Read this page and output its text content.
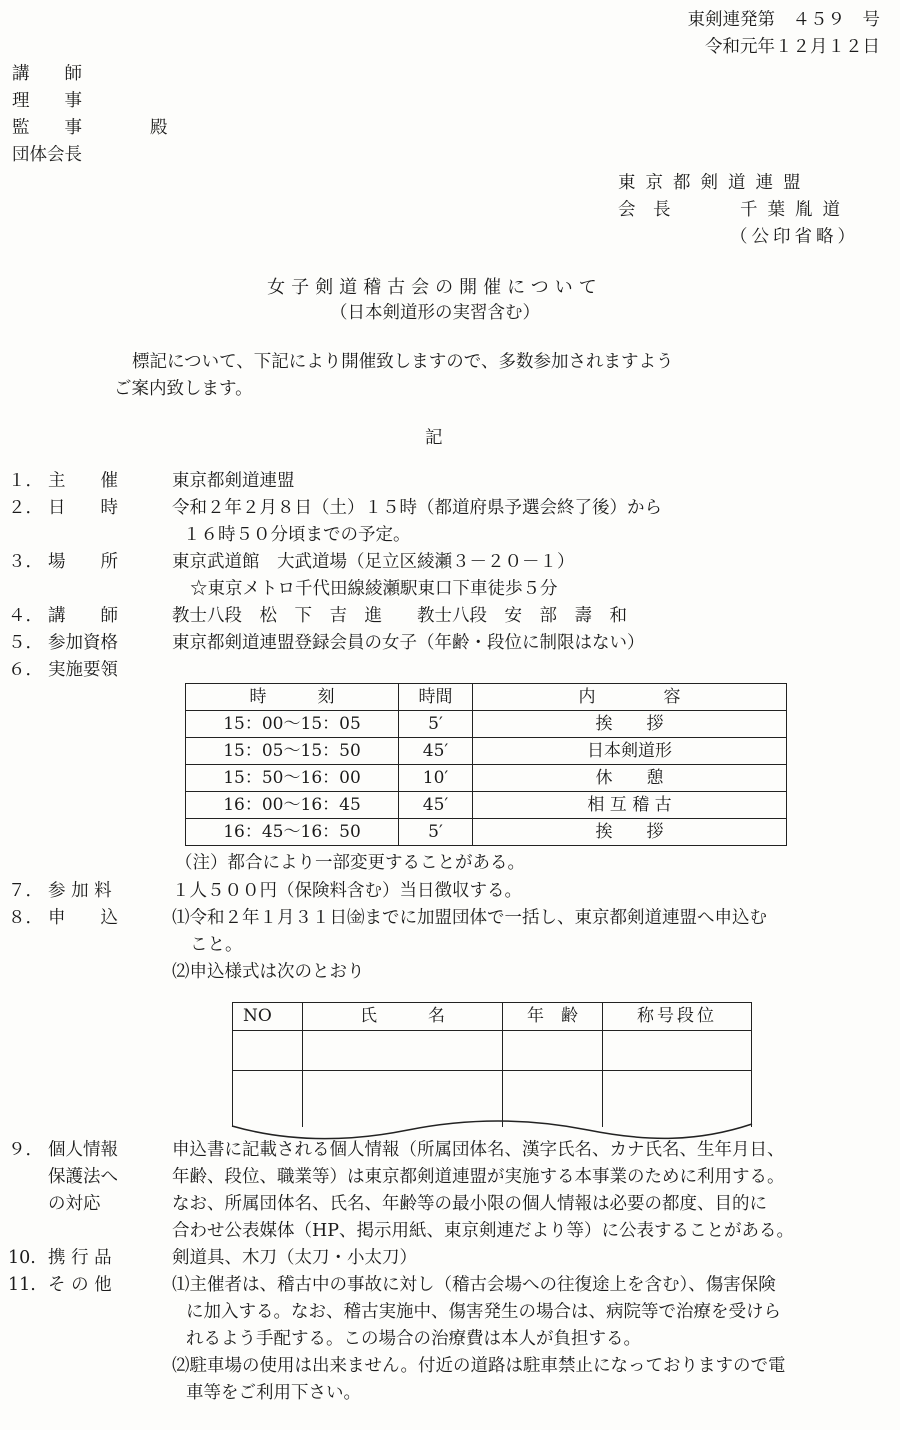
東剣連発第　４５９　号
令和元年１２月１２日
講　　師
理　　事
監　　事
団体会長
殿
東京都剣道連盟
会　長	千葉胤道
（公印省略）
女子剣道稽古会の開催について
（日本剣道形の実習含む）
標記について、下記により開催致しますので、多数参加されますよう
ご案内致します。
記
１． 主　　催	東京都剣道連盟
２． 日　　時	令和２年２月８日（土）１５時（都道府県予選会終了後）から
１６時５０分頃までの予定。
３． 場　　所	東京武道館　大武道場（足立区綾瀬３－２０－１）
☆東京メトロ千代田線綾瀬駅東口下車徒歩５分
４． 講　　師	教士八段　松　下　吉　進　　教士八段　安　部　壽　和
５． 参加資格	東京都剣道連盟登録会員の女子（年齢・段位に制限はない）
６． 実施要領
時　　　刻	時間	内　　　　容
15：00～15：05	5′	挨　　拶
15：05～15：50	45′	日本剣道形
15：50～16：00	10′	休　　憩
16：00～16：45	45′	相 互 稽 古
16：45～16：50	5′	挨　　拶
（注）都合により一部変更することがある。
７． 参 加 料	１人５００円（保険料含む）当日徴収する。
８． 申　　込	⑴令和２年１月３１日㈮までに加盟団体で一括し、東京都剣道連盟へ申込む
こと。
⑵申込様式は次のとおり
NO	氏　　　名	年　齢	称号段位

９． 個人情報
保護法へ
の対応
申込書に記載される個人情報（所属団体名、漢字氏名、カナ氏名、生年月日、
年齢、段位、職業等）は東京都剣道連盟が実施する本事業のために利用する。
なお、所属団体名、氏名、年齢等の最小限の個人情報は必要の都度、目的に
合わせ公表媒体（HP、掲示用紙、東京剣連だより等）に公表することがある。
10. 携 行 品	剣道具、木刀（太刀・小太刀）
11. そ の 他	⑴主催者は、稽古中の事故に対し（稽古会場への往復途上を含む）、傷害保険
に加入する。なお、稽古実施中、傷害発生の場合は、病院等で治療を受けら
れるよう手配する。この場合の治療費は本人が負担する。
⑵駐車場の使用は出来ません。付近の道路は駐車禁止になっておりますので電
車等をご利用下さい。
